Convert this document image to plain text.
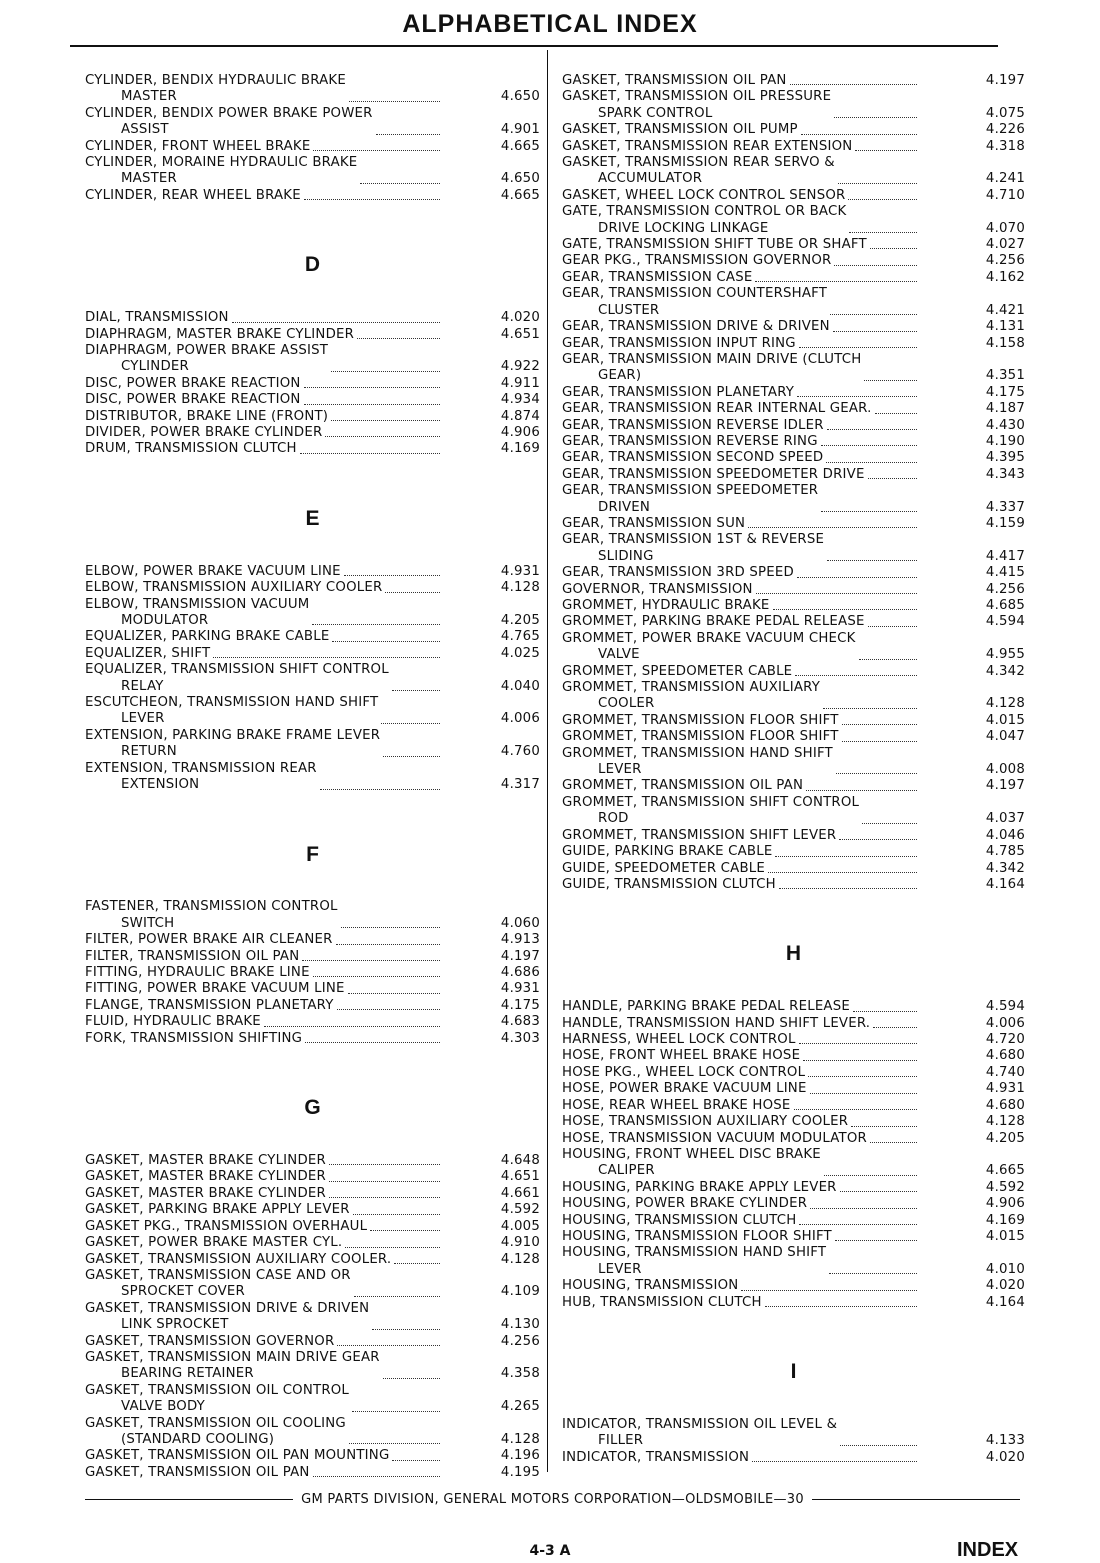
ALPHABETICAL INDEX
CYLINDER, BENDIX HYDRAULIC BRAKE
MASTER	4.650
CYLINDER, BENDIX POWER BRAKE POWER
ASSIST	4.901
CYLINDER, FRONT WHEEL BRAKE	4.665
CYLINDER, MORAINE HYDRAULIC BRAKE
MASTER	4.650
CYLINDER, REAR WHEEL BRAKE	4.665
D
DIAL, TRANSMISSION	4.020
DIAPHRAGM, MASTER BRAKE CYLINDER	4.651
DIAPHRAGM, POWER BRAKE ASSIST
CYLINDER	4.922
DISC, POWER BRAKE REACTION	4.911
DISC, POWER BRAKE REACTION	4.934
DISTRIBUTOR, BRAKE LINE (FRONT)	4.874
DIVIDER, POWER BRAKE CYLINDER	4.906
DRUM, TRANSMISSION CLUTCH	4.169
E
ELBOW, POWER BRAKE VACUUM LINE	4.931
ELBOW, TRANSMISSION AUXILIARY COOLER	4.128
ELBOW, TRANSMISSION VACUUM
MODULATOR	4.205
EQUALIZER, PARKING BRAKE CABLE	4.765
EQUALIZER, SHIFT	4.025
EQUALIZER, TRANSMISSION SHIFT CONTROL
RELAY	4.040
ESCUTCHEON, TRANSMISSION HAND SHIFT
LEVER	4.006
EXTENSION, PARKING BRAKE FRAME LEVER
RETURN	4.760
EXTENSION, TRANSMISSION REAR
EXTENSION	4.317
F
FASTENER, TRANSMISSION CONTROL
SWITCH	4.060
FILTER, POWER BRAKE AIR CLEANER	4.913
FILTER, TRANSMISSION OIL PAN	4.197
FITTING, HYDRAULIC BRAKE LINE	4.686
FITTING, POWER BRAKE VACUUM LINE	4.931
FLANGE, TRANSMISSION PLANETARY	4.175
FLUID, HYDRAULIC BRAKE	4.683
FORK, TRANSMISSION SHIFTING	4.303
G
GASKET, MASTER BRAKE CYLINDER	4.648
GASKET, MASTER BRAKE CYLINDER	4.651
GASKET, MASTER BRAKE CYLINDER	4.661
GASKET, PARKING BRAKE APPLY LEVER	4.592
GASKET PKG., TRANSMISSION OVERHAUL	4.005
GASKET, POWER BRAKE MASTER CYL.	4.910
GASKET, TRANSMISSION AUXILIARY COOLER.	4.128
GASKET, TRANSMISSION CASE AND OR
SPROCKET COVER	4.109
GASKET, TRANSMISSION DRIVE & DRIVEN
LINK SPROCKET	4.130
GASKET, TRANSMISSION GOVERNOR	4.256
GASKET, TRANSMISSION MAIN DRIVE GEAR
BEARING RETAINER	4.358
GASKET, TRANSMISSION OIL CONTROL
VALVE BODY	4.265
GASKET, TRANSMISSION OIL COOLING
(STANDARD COOLING)	4.128
GASKET, TRANSMISSION OIL PAN MOUNTING	4.196
GASKET, TRANSMISSION OIL PAN	4.195
GASKET, TRANSMISSION OIL PAN	4.197
GASKET, TRANSMISSION OIL PRESSURE
SPARK CONTROL	4.075
GASKET, TRANSMISSION OIL PUMP	4.226
GASKET, TRANSMISSION REAR EXTENSION	4.318
GASKET, TRANSMISSION REAR SERVO &
ACCUMULATOR	4.241
GASKET, WHEEL LOCK CONTROL SENSOR	4.710
GATE, TRANSMISSION CONTROL OR BACK
DRIVE LOCKING LINKAGE	4.070
GATE, TRANSMISSION SHIFT TUBE OR SHAFT	4.027
GEAR PKG., TRANSMISSION GOVERNOR	4.256
GEAR, TRANSMISSION CASE	4.162
GEAR, TRANSMISSION COUNTERSHAFT
CLUSTER	4.421
GEAR, TRANSMISSION DRIVE & DRIVEN	4.131
GEAR, TRANSMISSION INPUT RING	4.158
GEAR, TRANSMISSION MAIN DRIVE (CLUTCH
GEAR)	4.351
GEAR, TRANSMISSION PLANETARY	4.175
GEAR, TRANSMISSION REAR INTERNAL GEAR.	4.187
GEAR, TRANSMISSION REVERSE IDLER	4.430
GEAR, TRANSMISSION REVERSE RING	4.190
GEAR, TRANSMISSION SECOND SPEED	4.395
GEAR, TRANSMISSION SPEEDOMETER DRIVE	4.343
GEAR, TRANSMISSION SPEEDOMETER
DRIVEN	4.337
GEAR, TRANSMISSION SUN	4.159
GEAR, TRANSMISSION 1ST & REVERSE
SLIDING	4.417
GEAR, TRANSMISSION 3RD SPEED	4.415
GOVERNOR, TRANSMISSION	4.256
GROMMET, HYDRAULIC BRAKE	4.685
GROMMET, PARKING BRAKE PEDAL RELEASE	4.594
GROMMET, POWER BRAKE VACUUM CHECK
VALVE	4.955
GROMMET, SPEEDOMETER CABLE	4.342
GROMMET, TRANSMISSION AUXILIARY
COOLER	4.128
GROMMET, TRANSMISSION FLOOR SHIFT	4.015
GROMMET, TRANSMISSION FLOOR SHIFT	4.047
GROMMET, TRANSMISSION HAND SHIFT
LEVER	4.008
GROMMET, TRANSMISSION OIL PAN	4.197
GROMMET, TRANSMISSION SHIFT CONTROL
ROD	4.037
GROMMET, TRANSMISSION SHIFT LEVER	4.046
GUIDE, PARKING BRAKE CABLE	4.785
GUIDE, SPEEDOMETER CABLE	4.342
GUIDE, TRANSMISSION CLUTCH	4.164
H
HANDLE, PARKING BRAKE PEDAL RELEASE	4.594
HANDLE, TRANSMISSION HAND SHIFT LEVER.	4.006
HARNESS, WHEEL LOCK CONTROL	4.720
HOSE, FRONT WHEEL BRAKE HOSE	4.680
HOSE PKG., WHEEL LOCK CONTROL	4.740
HOSE, POWER BRAKE VACUUM LINE	4.931
HOSE, REAR WHEEL BRAKE HOSE	4.680
HOSE, TRANSMISSION AUXILIARY COOLER	4.128
HOSE, TRANSMISSION VACUUM MODULATOR	4.205
HOUSING, FRONT WHEEL DISC BRAKE
CALIPER	4.665
HOUSING, PARKING BRAKE APPLY LEVER	4.592
HOUSING, POWER BRAKE CYLINDER	4.906
HOUSING, TRANSMISSION CLUTCH	4.169
HOUSING, TRANSMISSION FLOOR SHIFT	4.015
HOUSING, TRANSMISSION HAND SHIFT
LEVER	4.010
HOUSING, TRANSMISSION	4.020
HUB, TRANSMISSION CLUTCH	4.164
I
INDICATOR, TRANSMISSION OIL LEVEL &
FILLER	4.133
INDICATOR, TRANSMISSION	4.020
GM PARTS DIVISION, GENERAL MOTORS CORPORATION—OLDSMOBILE—30
4-3 A	INDEX
